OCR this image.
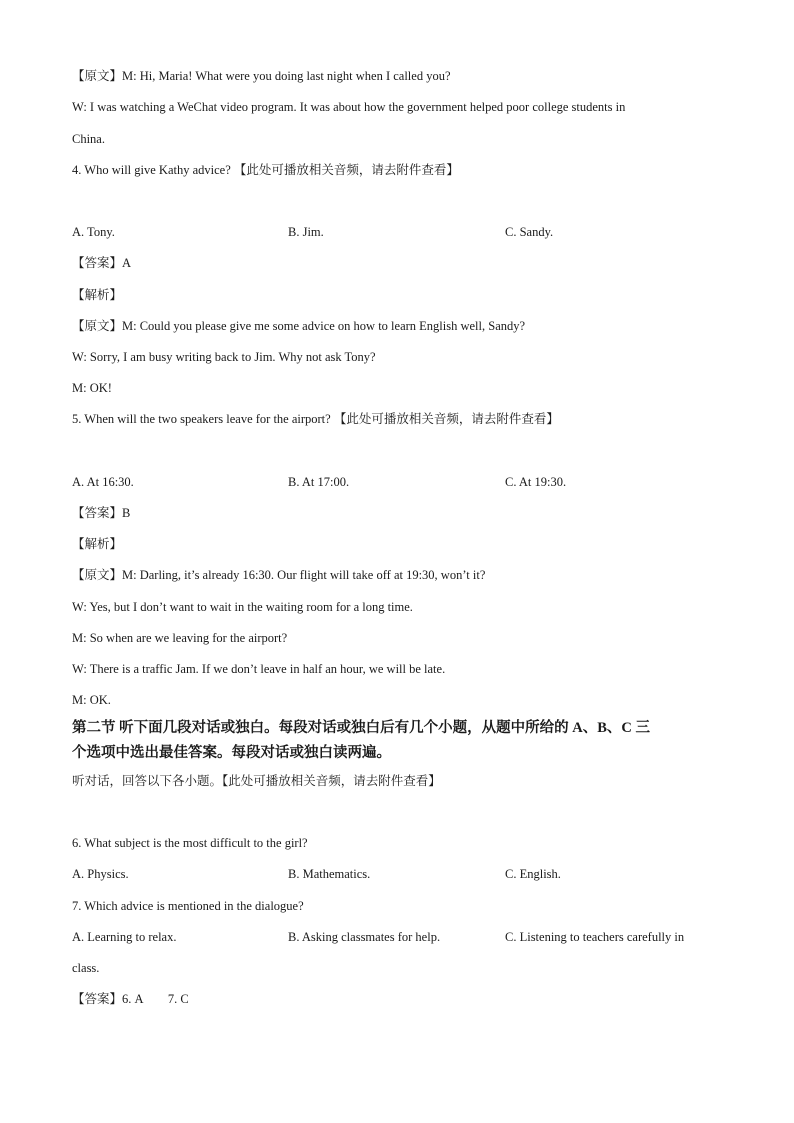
【原文】M: Hi, Maria! What were you doing last night when I called you?
W: I was watching a WeChat video program. It was about how the government helped poor college students in
China.
4. Who will give Kathy advice? 【此处可播放相关音频，请去附件查看】
A. Tony.	B. Jim.	C. Sandy.
【答案】A
【解析】
【原文】M: Could you please give me some advice on how to learn English well, Sandy?
W: Sorry, I am busy writing back to Jim. Why not ask Tony?
M: OK!
5. When will the two speakers leave for the airport? 【此处可播放相关音频，请去附件查看】
A. At 16:30.	B. At 17:00.	C. At 19:30.
【答案】B
【解析】
【原文】M: Darling, it’s already 16:30. Our flight will take off at 19:30, won’t it?
W: Yes, but I don’t want to wait in the waiting room for a long time.
M: So when are we leaving for the airport?
W: There is a traffic Jam. If we don’t leave in half an hour, we will be late.
M: OK.
第二节 听下面几段对话或独白。每段对话或独白后有几个小题，从题中所给的 A、B、C 三
个选项中选出最佳答案。每段对话或独白读两遍。
听对话，回答以下各小题。【此处可播放相关音频，请去附件查看】
6. What subject is the most difficult to the girl?
A. Physics.	B. Mathematics.	C. English.
7. Which advice is mentioned in the dialogue?
A. Learning to relax.	B. Asking classmates for help.	C. Listening to teachers carefully in
class.
【答案】6. A　　7. C
